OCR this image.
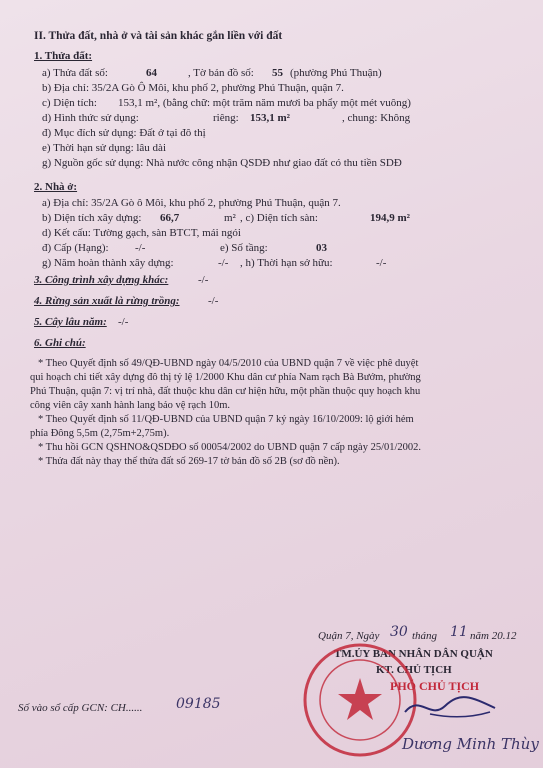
II. Thửa đất, nhà ở và tài sản khác gắn liền với đất
1. Thửa đất:
a) Thửa đất số:	64	, Tờ bản đồ số: 55 (phường Phú Thuận)
b) Địa chỉ: 35/2A Gò Ô Môi, khu phố 2, phường Phú Thuận, quận 7.
c) Diện tích: 153,1 m², (bằng chữ: một trăm năm mươi ba phẩy một mét vuông)
d) Hình thức sử dụng:	riêng: 153,1 m²	, chung: Không
đ) Mục đích sử dụng: Đất ở tại đô thị
e) Thời hạn sử dụng: lâu dài
g) Nguồn gốc sử dụng: Nhà nước công nhận QSDĐ như giao đất có thu tiền SDĐ
2. Nhà ở:
a) Địa chỉ: 35/2A Gò ô Môi, khu phố 2, phường Phú Thuận, quận 7.
b) Diện tích xây dựng: 66,7	m² , c) Diện tích sàn:	194,9 m²
d) Kết cấu: Tường gạch, sàn BTCT, mái ngói
đ) Cấp (Hạng): -/-	e) Số tầng:	03
g) Năm hoàn thành xây dựng:	-/- , h) Thời hạn sở hữu:	-/-
3. Công trình xây dựng khác:	-/-
4. Rừng sản xuất là rừng trồng:	-/-
5. Cây lâu năm: -/-
6. Ghi chú:
* Theo Quyết định số 49/QĐ-UBND ngày 04/5/2010 của UBND quận 7 về việc phê duyệt
qui hoạch chi tiết xây dựng đô thị tỷ lệ 1/2000 Khu dân cư phía Nam rạch Bà Bướm, phường
Phú Thuận, quận 7: vị trí nhà, đất thuộc khu dân cư hiện hữu, một phần thuộc quy hoạch khu
công viên cây xanh hành lang bảo vệ rạch 10m.
* Theo Quyết định số 11/QĐ-UBND của UBND quận 7 ký ngày 16/10/2009: lộ giới hẻm
phía Đông 5,5m (2,75m+2,75m).
* Thu hồi GCN QSHNO&QSDĐO số 00054/2002 do UBND quận 7 cấp ngày 25/01/2002.
* Thửa đất này thay thế thửa đất số 269-17 tờ bản đồ số 2B (sơ đồ nền).
Quận 7, Ngày 30 tháng 11 năm 20.12
TM.ỦY BAN NHÂN DÂN QUẬN
KT. CHỦ TỊCH
PHÓ CHỦ TỊCH
Dương Minh Thùy
Số vào sổ cấp GCN: CH...... 09185
